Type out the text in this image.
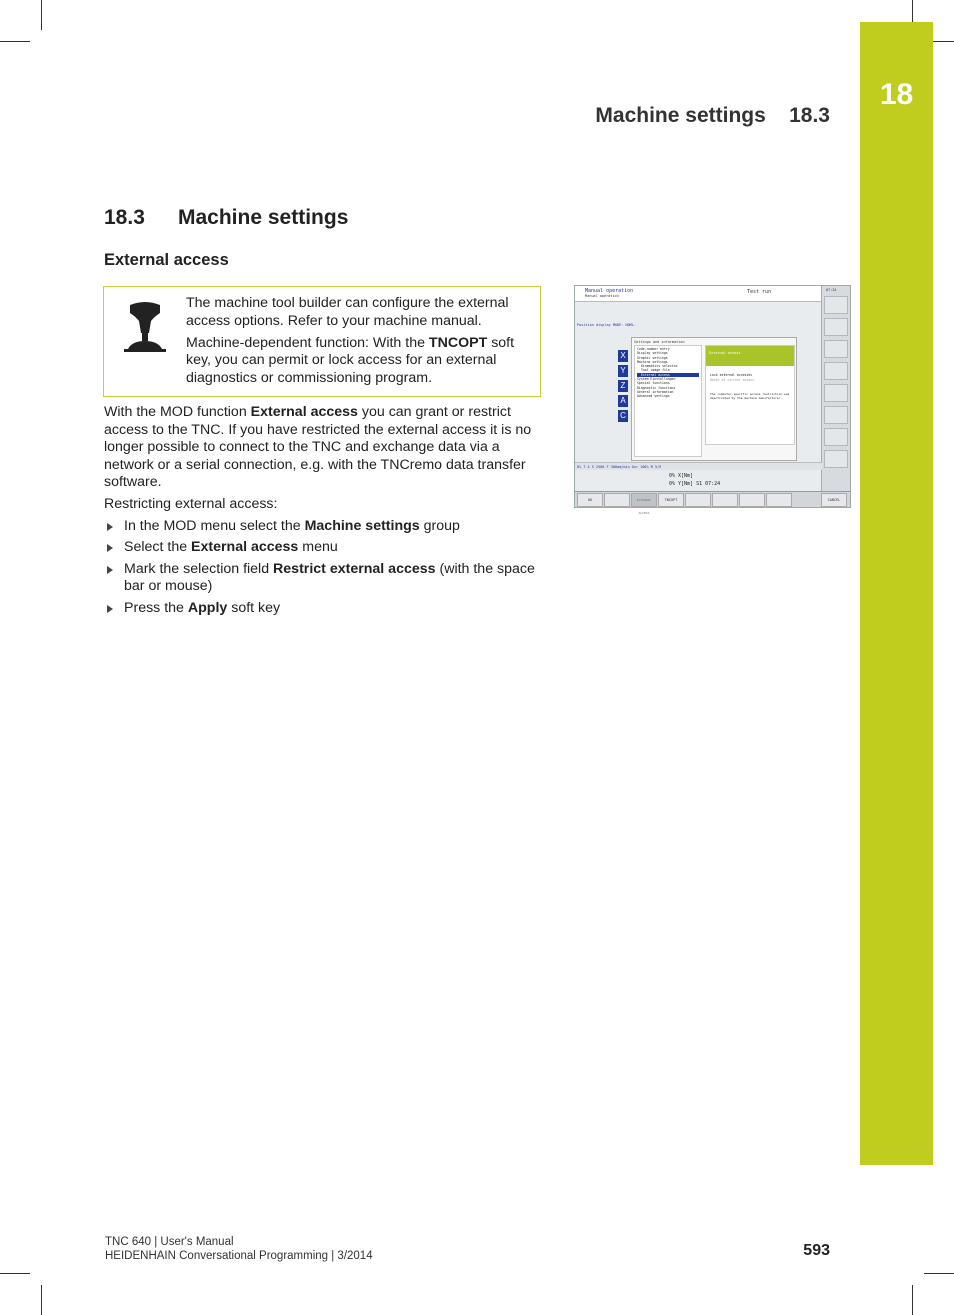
18
Machine settings    18.3
18.3 Machine settings
External access

The machine tool builder can configure the external access options. Refer to your machine manual.

Machine-dependent function: With the TNCOPT soft key, you can permit or lock access for an external diagnostics or commissioning program.

With the MOD function External access you can grant or restrict access to the TNC. If you have restricted the external access it is no longer possible to connect to the TNC and exchange data via a network or a serial connection, e.g. with the TNCremo data transfer software.

Restricting external access:

In the MOD menu select the Machine settings group
Select the External access menu
Mark the selection field Restrict external access (with the space bar or mouse)
Press the Apply soft key
Manual operation
Manual operation
Test run
Position display MODE: NOML.
X
Y
Z
A
C
Settings and information
Code-number entry
Display settings
Graphic settings
Machine settings
Kinematics selectio
Tool usage file
External access
System Einstellungen
Special functions
Diagnostic functions
General information
Advanced settings
External access
Lock external accesses
Reset of current access
The computer-specific access restriction was deactivated by the machine manufacturer.
07:24
0% T 4 S 2500 F 300mm/min Ovr 100% M 5/9
0% X[Nm]
0% Y[Nm] S1 07:24
OK	EXTERNAL ACCESS
TNCOPT	CANCEL
TNC 640 | User's Manual
HEIDENHAIN Conversational Programming | 3/2014	593
